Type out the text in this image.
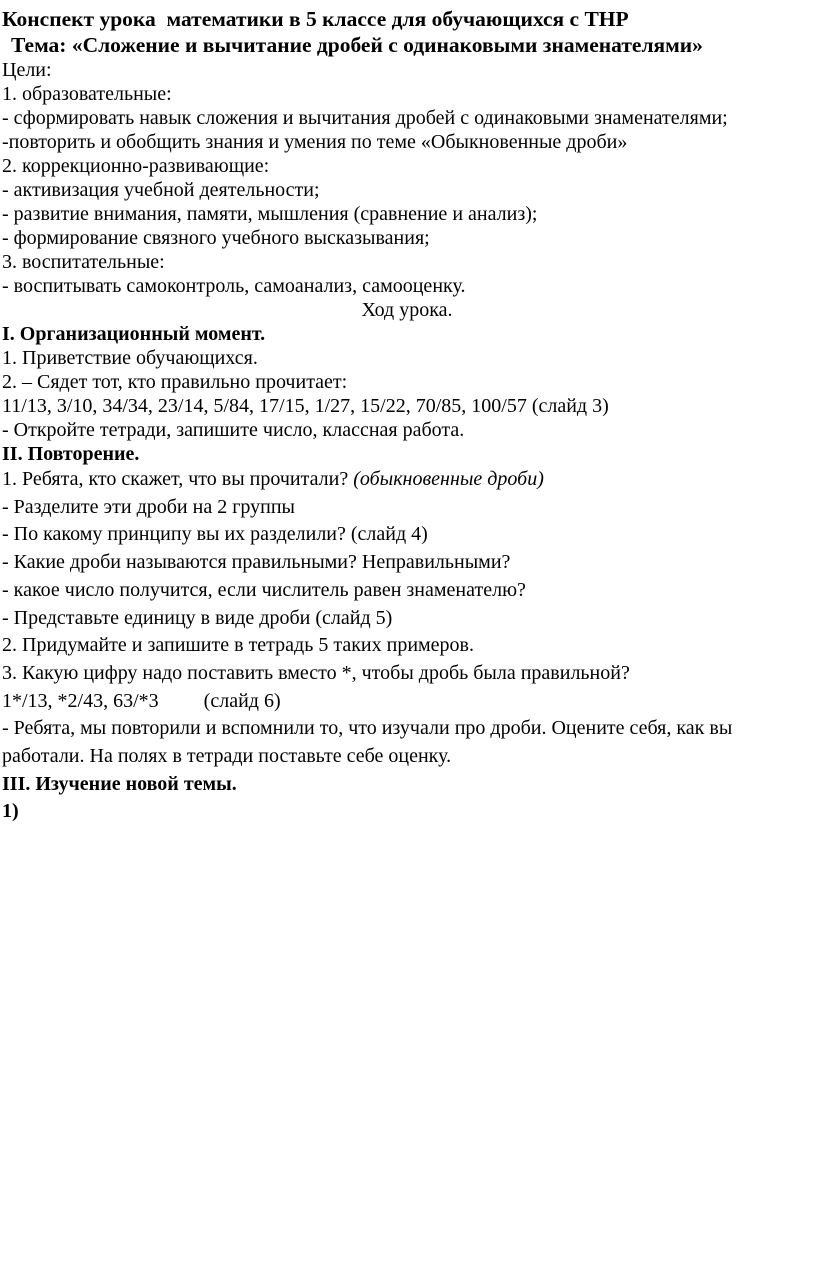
Конспект урока  математики в 5 классе для обучающихся с ТНР

Тема: «Сложение и вычитание дробей с одинаковыми знаменателями»

Цели:

1. образовательные:

- сформировать навык сложения и вычитания дробей с одинаковыми знаменателями;

-повторить и обобщить знания и умения по теме «Обыкновенные дроби»

2. коррекционно-развивающие:

- активизация учебной деятельности;

- развитие внимания, памяти, мышления (сравнение и анализ);

- формирование связного учебного высказывания;

3. воспитательные:

- воспитывать самоконтроль, самоанализ, самооценку.

Ход урока.

I. Организационный момент.

1. Приветствие обучающихся.

2. – Сядет тот, кто правильно прочитает:

11/13, 3/10, 34/34, 23/14, 5/84, 17/15, 1/27, 15/22, 70/85, 100/57 (слайд 3)

- Откройте тетради, запишите число, классная работа.

II. Повторение.

1. Ребята, кто скажет, что вы прочитали? (обыкновенные дроби)

- Разделите эти дроби на 2 группы

- По какому принципу вы их разделили? (слайд 4)

- Какие дроби называются правильными? Неправильными?

- какое число получится, если числитель равен знаменателю?

- Представьте единицу в виде дроби (слайд 5)

2. Придумайте и запишите в тетрадь 5 таких примеров.

3. Какую цифру надо поставить вместо *, чтобы дробь была правильной?

1*/13, *2/43, 63/*3 (слайд 6)

- Ребята, мы повторили и вспомнили то, что изучали про дроби. Оцените себя, как вы

работали. На полях в тетради поставьте себе оценку.

III. Изучение новой темы.

1)
